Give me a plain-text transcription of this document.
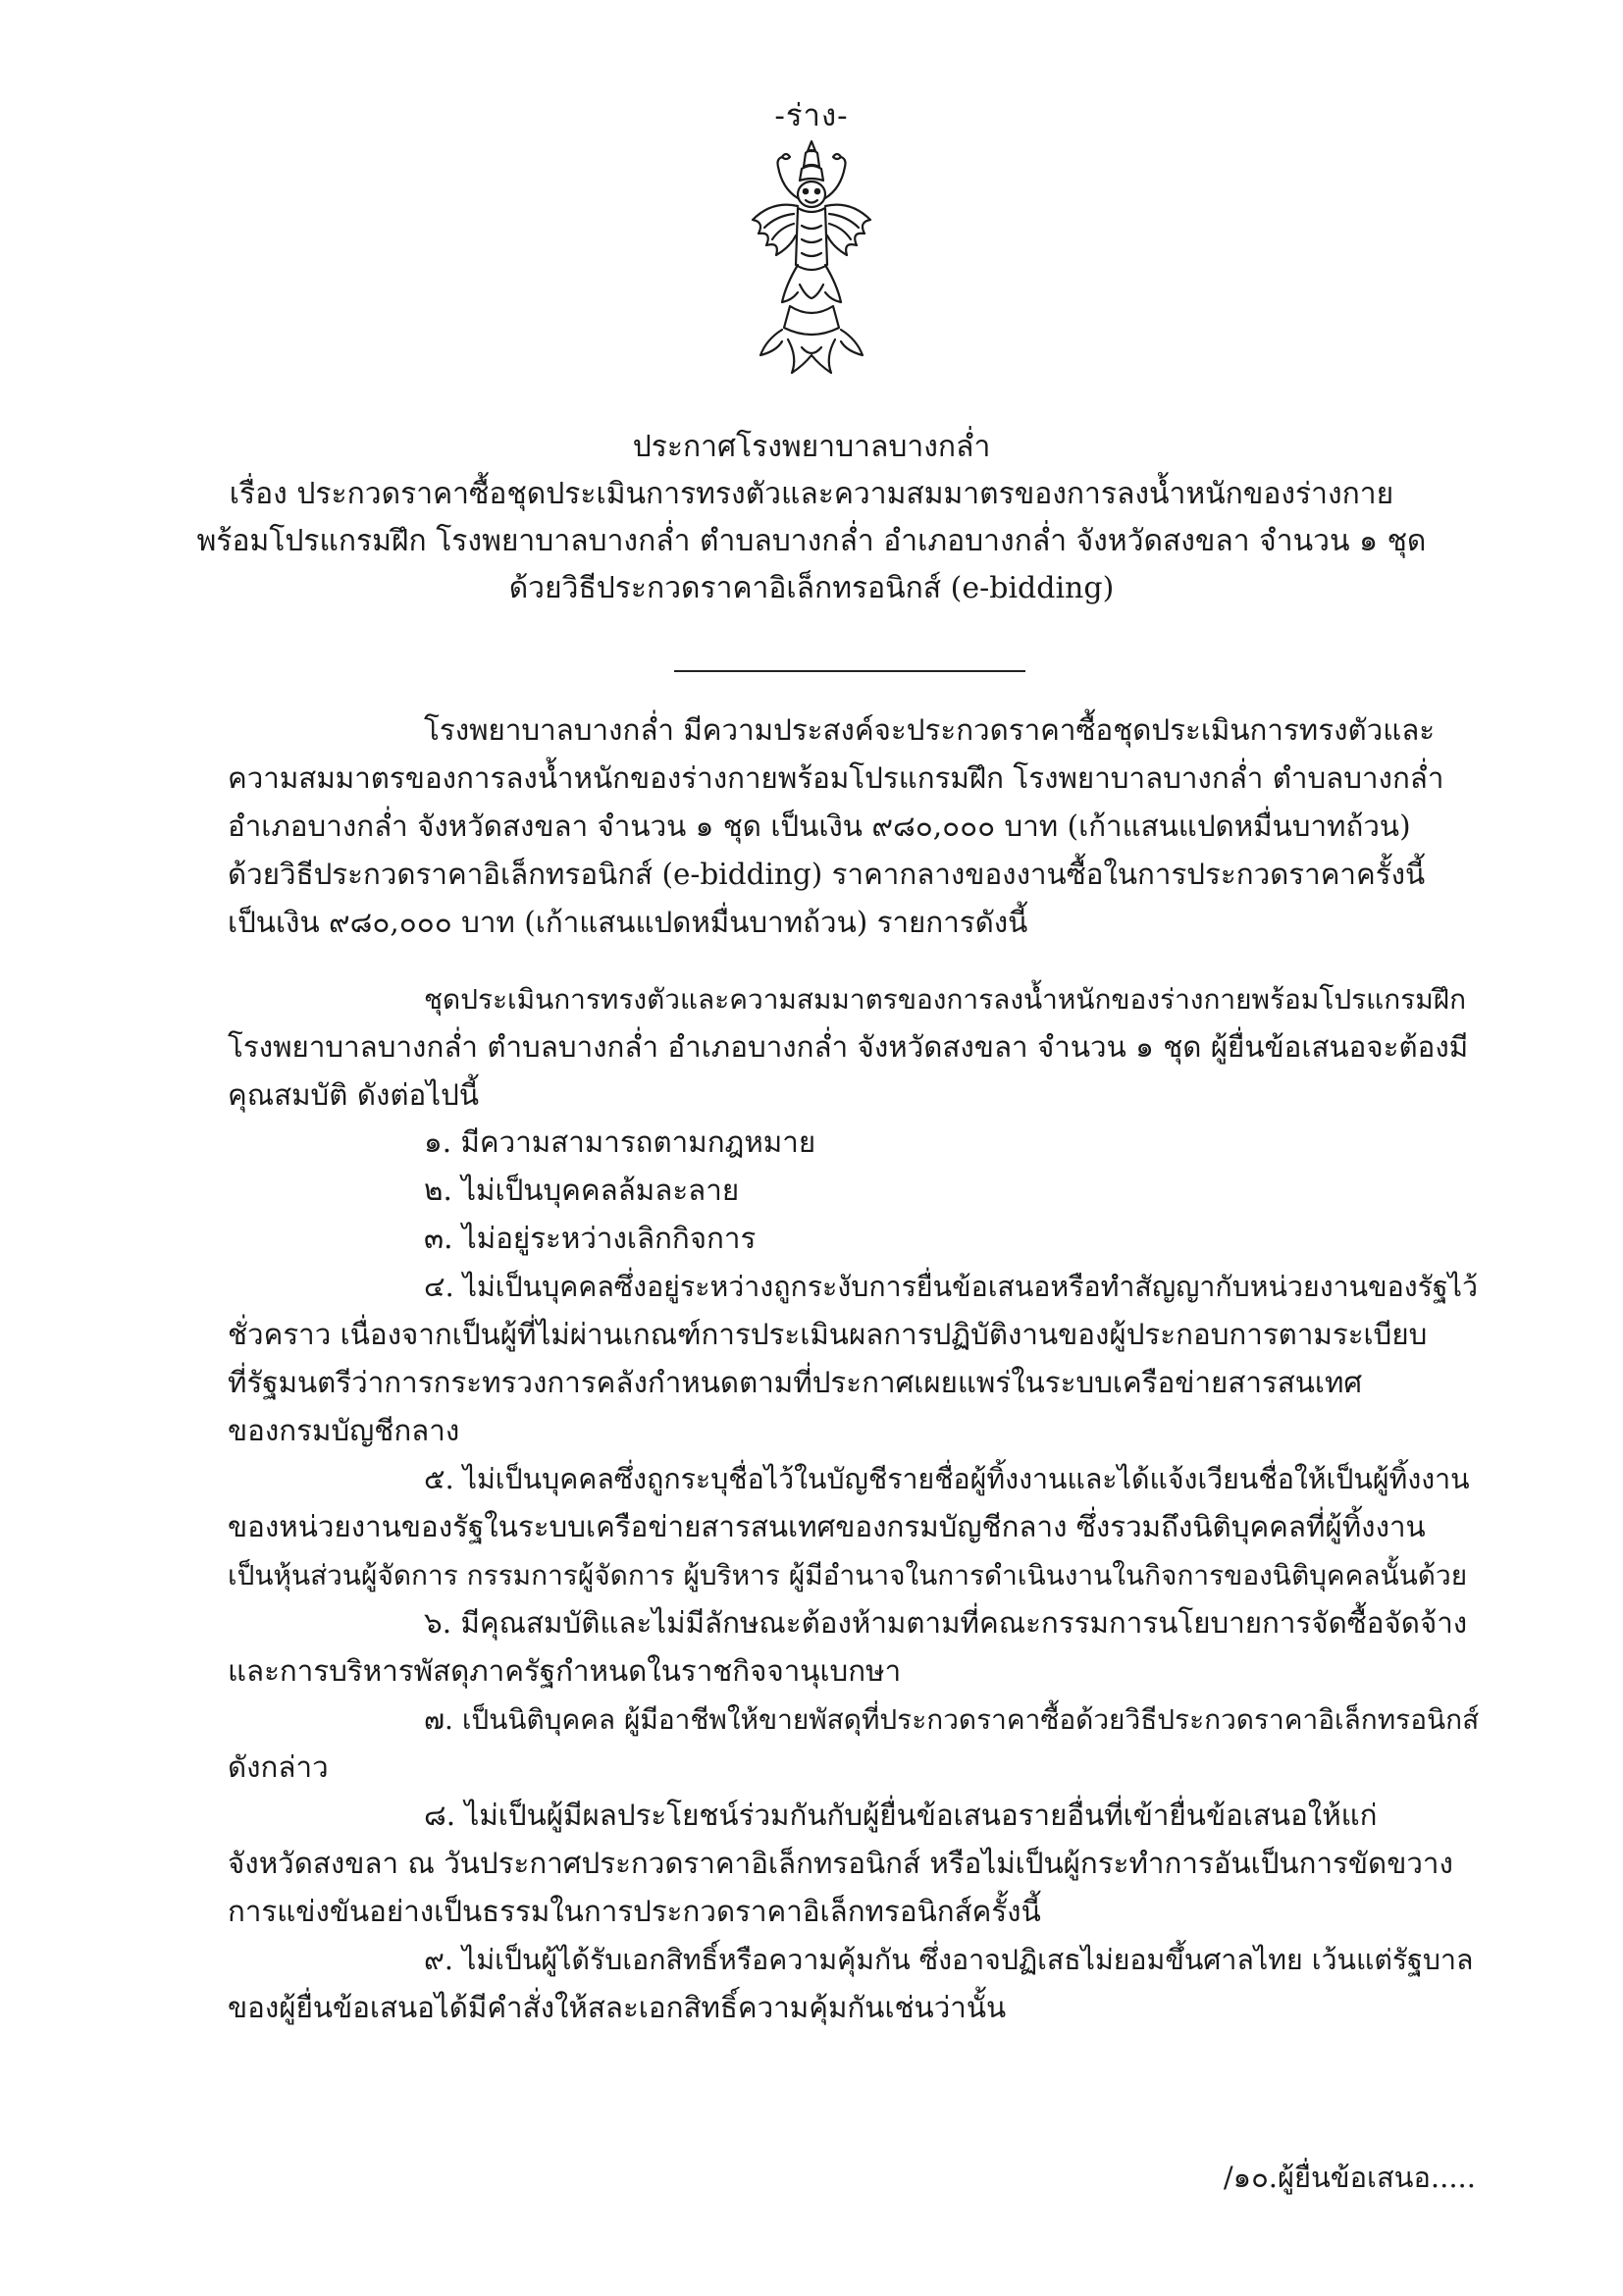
-ร่าง-
ประกาศโรงพยาบาลบางกล่ำ
เรื่อง ประกวดราคาซื้อชุดประเมินการทรงตัวและความสมมาตรของการลงน้ำหนักของร่างกาย
พร้อมโปรแกรมฝึก โรงพยาบาลบางกล่ำ ตำบลบางกล่ำ อำเภอบางกล่ำ จังหวัดสงขลา จำนวน ๑ ชุด
ด้วยวิธีประกวดราคาอิเล็กทรอนิกส์ (e-bidding)
โรงพยาบาลบางกล่ำ มีความประสงค์จะประกวดราคาซื้อชุดประเมินการทรงตัวและ
ความสมมาตรของการลงน้ำหนักของร่างกายพร้อมโปรแกรมฝึก โรงพยาบาลบางกล่ำ ตำบลบางกล่ำ
อำเภอบางกล่ำ จังหวัดสงขลา จำนวน ๑ ชุด เป็นเงิน ๙๘๐,๐๐๐ บาท (เก้าแสนแปดหมื่นบาทถ้วน)
ด้วยวิธีประกวดราคาอิเล็กทรอนิกส์ (e-bidding) ราคากลางของงานซื้อในการประกวดราคาครั้งนี้
เป็นเงิน ๙๘๐,๐๐๐ บาท (เก้าแสนแปดหมื่นบาทถ้วน) รายการดังนี้
ชุดประเมินการทรงตัวและความสมมาตรของการลงน้ำหนักของร่างกายพร้อมโปรแกรมฝึก
โรงพยาบาลบางกล่ำ ตำบลบางกล่ำ อำเภอบางกล่ำ จังหวัดสงขลา จำนวน ๑ ชุด ผู้ยื่นข้อเสนอจะต้องมี
คุณสมบัติ ดังต่อไปนี้
๑. มีความสามารถตามกฎหมาย
๒. ไม่เป็นบุคคลล้มละลาย
๓. ไม่อยู่ระหว่างเลิกกิจการ
๔. ไม่เป็นบุคคลซึ่งอยู่ระหว่างถูกระงับการยื่นข้อเสนอหรือทำสัญญากับหน่วยงานของรัฐไว้
ชั่วคราว เนื่องจากเป็นผู้ที่ไม่ผ่านเกณฑ์การประเมินผลการปฏิบัติงานของผู้ประกอบการตามระเบียบ
ที่รัฐมนตรีว่าการกระทรวงการคลังกำหนดตามที่ประกาศเผยแพร่ในระบบเครือข่ายสารสนเทศ
ของกรมบัญชีกลาง
๕. ไม่เป็นบุคคลซึ่งถูกระบุชื่อไว้ในบัญชีรายชื่อผู้ทิ้งงานและได้แจ้งเวียนชื่อให้เป็นผู้ทิ้งงาน
ของหน่วยงานของรัฐในระบบเครือข่ายสารสนเทศของกรมบัญชีกลาง ซึ่งรวมถึงนิติบุคคลที่ผู้ทิ้งงาน
เป็นหุ้นส่วนผู้จัดการ กรรมการผู้จัดการ ผู้บริหาร ผู้มีอำนาจในการดำเนินงานในกิจการของนิติบุคคลนั้นด้วย
๖. มีคุณสมบัติและไม่มีลักษณะต้องห้ามตามที่คณะกรรมการนโยบายการจัดซื้อจัดจ้าง
และการบริหารพัสดุภาครัฐกำหนดในราชกิจจานุเบกษา
๗. เป็นนิติบุคคล ผู้มีอาชีพให้ขายพัสดุที่ประกวดราคาซื้อด้วยวิธีประกวดราคาอิเล็กทรอนิกส์
ดังกล่าว
๘. ไม่เป็นผู้มีผลประโยชน์ร่วมกันกับผู้ยื่นข้อเสนอรายอื่นที่เข้ายื่นข้อเสนอให้แก่
จังหวัดสงขลา ณ วันประกาศประกวดราคาอิเล็กทรอนิกส์ หรือไม่เป็นผู้กระทำการอันเป็นการขัดขวาง
การแข่งขันอย่างเป็นธรรมในการประกวดราคาอิเล็กทรอนิกส์ครั้งนี้
๙. ไม่เป็นผู้ได้รับเอกสิทธิ์หรือความคุ้มกัน ซึ่งอาจปฏิเสธไม่ยอมขึ้นศาลไทย เว้นแต่รัฐบาล
ของผู้ยื่นข้อเสนอได้มีคำสั่งให้สละเอกสิทธิ์ความคุ้มกันเช่นว่านั้น
/๑๐.ผู้ยื่นข้อเสนอ.....
